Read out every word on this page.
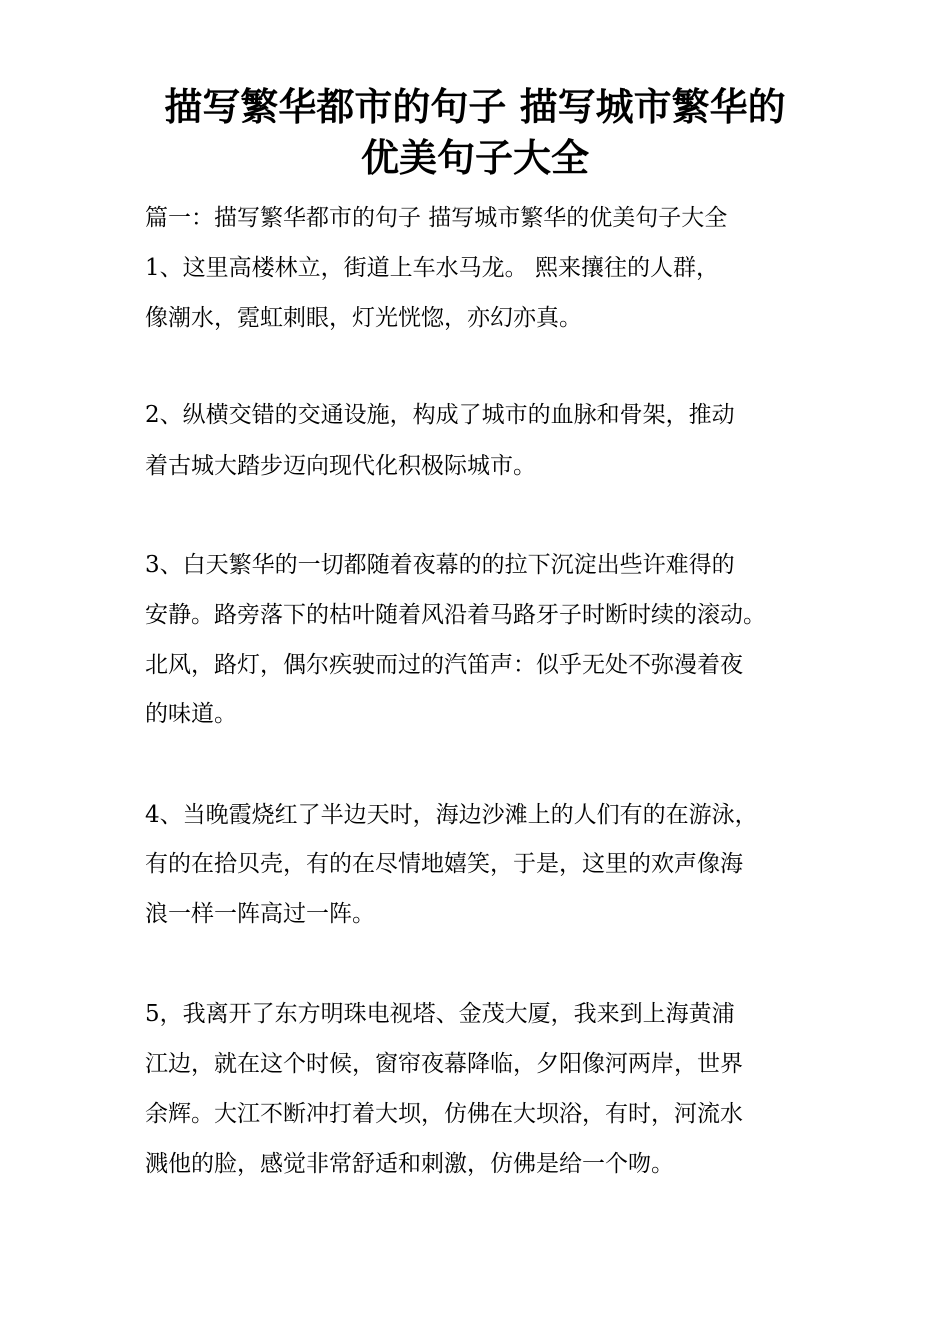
描写繁华都市的句子 描写城市繁华的
优美句子大全

篇一：描写繁华都市的句子 描写城市繁华的优美句子大全

1、这里高楼林立，街道上车水马龙。 熙来攘往的人群，

像潮水，霓虹刺眼，灯光恍惚，亦幻亦真。

2、纵横交错的交通设施，构成了城市的血脉和骨架，推动

着古城大踏步迈向现代化积极际城市。

3、白天繁华的一切都随着夜幕的的拉下沉淀出些许难得的

安静。路旁落下的枯叶随着风沿着马路牙子时断时续的滚动。

北风，路灯，偶尔疾驶而过的汽笛声：似乎无处不弥漫着夜

的味道。

4、当晚霞烧红了半边天时，海边沙滩上的人们有的在游泳，

有的在拾贝壳，有的在尽情地嬉笑，于是，这里的欢声像海

浪一样一阵高过一阵。

5，我离开了东方明珠电视塔、金茂大厦，我来到上海黄浦

江边，就在这个时候，窗帘夜幕降临，夕阳像河两岸，世界

余辉。大江不断冲打着大坝，仿佛在大坝浴，有时，河流水

溅他的脸，感觉非常舒适和刺激，仿佛是给一个吻。
